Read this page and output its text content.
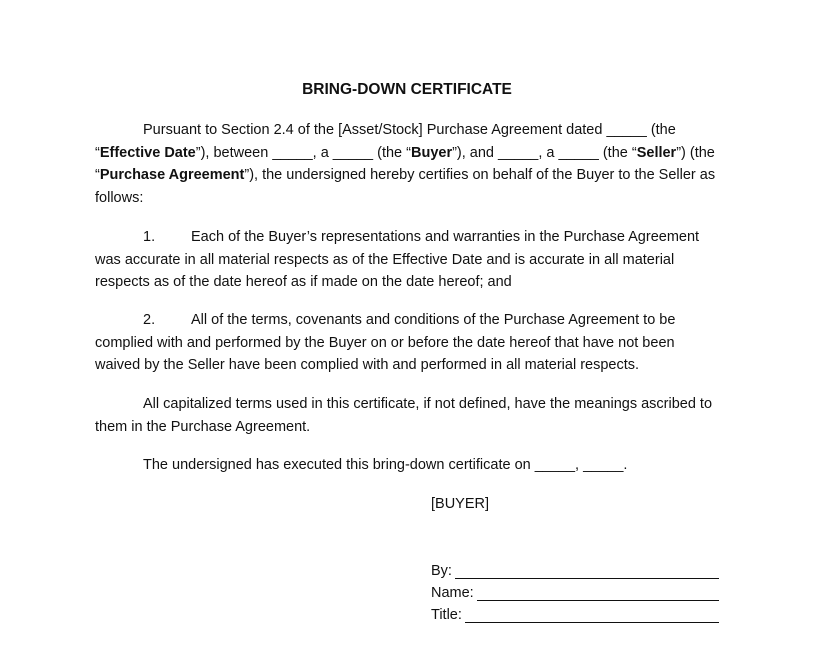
BRING-DOWN CERTIFICATE

Pursuant to Section 2.4 of the [Asset/Stock] Purchase Agreement dated _____ (the “Effective Date”), between _____, a _____ (the “Buyer”), and _____, a _____ (the “Seller”) (the “Purchase Agreement”), the undersigned hereby certifies on behalf of the Buyer to the Seller as follows:

1. Each of the Buyer’s representations and warranties in the Purchase Agreement was accurate in all material respects as of the Effective Date and is accurate in all material respects as of the date hereof as if made on the date hereof; and

2. All of the terms, covenants and conditions of the Purchase Agreement to be complied with and performed by the Buyer on or before the date hereof that have not been waived by the Seller have been complied with and performed in all material respects.

All capitalized terms used in this certificate, if not defined, have the meanings ascribed to them in the Purchase Agreement.

The undersigned has executed this bring-down certificate on _____, _____.

[BUYER]
By:
Name:
Title:
